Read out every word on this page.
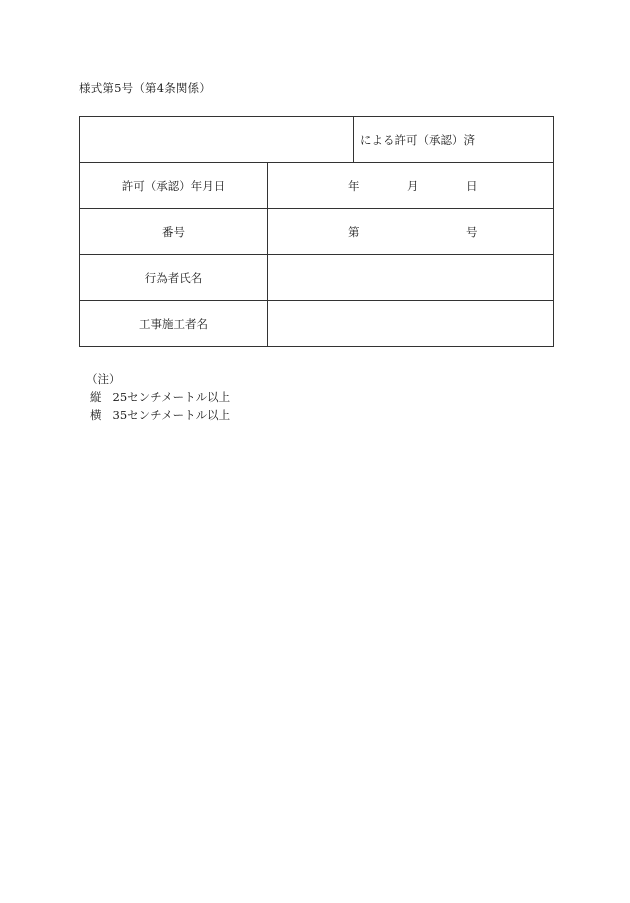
様式第5号（第4条関係）
		による許可（承認）済
許可（承認）年月日	年 月 日	

番号	第 号	

行為者氏名		
工事施工者名		
（注）
縦 25センチメートル以上
横 35センチメートル以上
